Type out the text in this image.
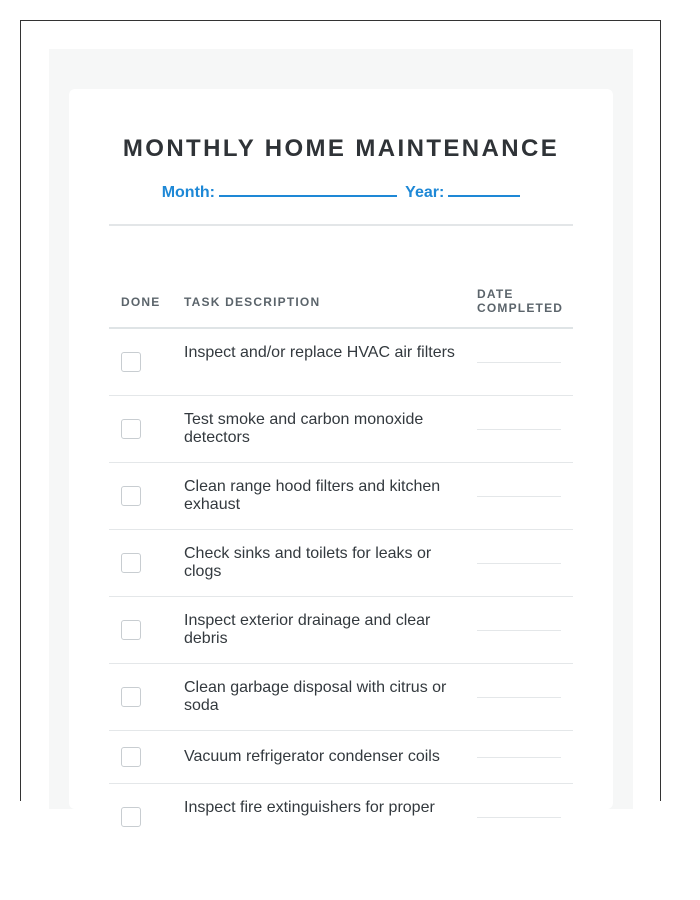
MONTHLY HOME MAINTENANCE
Month:	Year:
DONE TASK DESCRIPTION
DATE
COMPLETED
Inspect and/or replace HVAC air filters
Test smoke and carbon monoxide detectors
Clean range hood filters and kitchen exhaust
Check sinks and toilets for leaks or clogs
Inspect exterior drainage and clear debris
Clean garbage disposal with citrus or soda
Vacuum refrigerator condenser coils
Inspect fire extinguishers for proper
